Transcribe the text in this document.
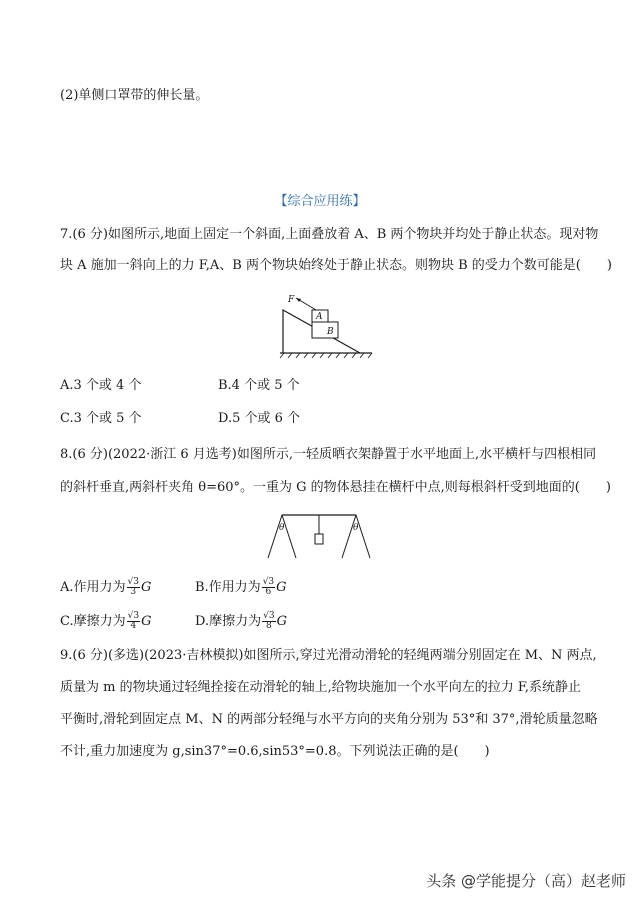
(2)单侧口罩带的伸长量。
【综合应用练】
7.(6 分)如图所示,地面上固定一个斜面,上面叠放着 A、B 两个物块并均处于静止状态。现对物
块 A 施加一斜向上的力 F,A、B 两个物块始终处于静止状态。则物块 B 的受力个数可能是(　　)
F
A
B
A.3 个或 4 个	B.4 个或 5 个
C.3 个或 5 个	D.5 个或 6 个
8.(6 分)(2022·浙江 6 月选考)如图所示,一轻质晒衣架静置于水平地面上,水平横杆与四根相同
的斜杆垂直,两斜杆夹角 θ=60°。一重为 G 的物体悬挂在横杆中点,则每根斜杆受到地面的(　　)
θ	θ
A.作用力为 $\frac{√3}{3}$ G	B.作用力为 $\frac{√3}{6}$ G
C.摩擦力为 $\frac{√3}{4}$ G	D.摩擦力为 $\frac{√3}{8}$ G
9.(6 分)(多选)(2023·吉林模拟)如图所示,穿过光滑动滑轮的轻绳两端分别固定在 M、N 两点,
质量为 m 的物块通过轻绳拴接在动滑轮的轴上,给物块施加一个水平向左的拉力 F,系统静止
平衡时,滑轮到固定点 M、N 的两部分轻绳与水平方向的夹角分别为 53°和 37°,滑轮质量忽略
不计,重力加速度为 g,sin37°=0.6,sin53°=0.8。下列说法正确的是(　　)
头条 @学能提分（高）赵老师
